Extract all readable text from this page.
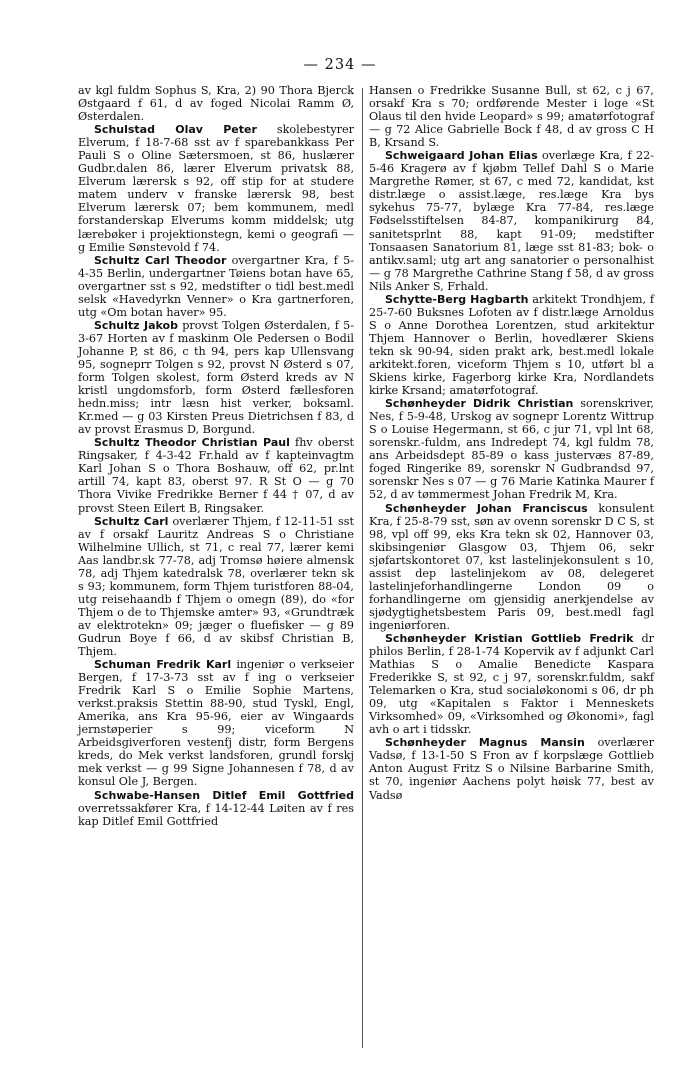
— 234 —

av kgl fuldm Sophus S, Kra, 2) 90 Thora Bjerck Østgaard f 61, d av foged Nicolai Ramm Ø, Østerdalen.

Schulstad Olav Peter skolebestyrer Elverum, f 18-7-68 sst av f sparebankkass Per Pauli S o Oline Sætersmoen, st 86, huslærer Gudbr.dalen 86, lærer Elverum privatsk 88, Elverum lærersk s 92, off stip for at studere matem underv v franske lærersk 98, best Elverum lærersk 07; bem kommunem, medl forstanderskap Elverums komm middelsk; utg lærebøker i projektionstegn, kemi o geografi — g Emilie Sønstevold f 74.

Schultz Carl Theodor overgartner Kra, f 5-4-35 Berlin, undergartner Tøiens botan have 65, overgartner sst s 92, medstifter o tidl best.medl selsk «Havedyrkn Venner» o Kra gartnerforen, utg «Om botan haver» 95.

Schultz Jakob provst Tolgen Østerdalen, f 5-3-67 Horten av f maskinm Ole Pedersen o Bodil Johanne P, st 86, c th 94, pers kap Ullensvang 95, sogneprr Tolgen s 92, provst N Østerd s 07, form Tolgen skolest, form Østerd kreds av N kristl ungdomsforb, form Østerd fællesforen hedn.miss; intr læsn hist verker, boksaml. Kr.med — g 03 Kirsten Preus Dietrichsen f 83, d av provst Erasmus D, Borgund.

Schultz Theodor Christian Paul fhv oberst Ringsaker, f 4-3-42 Fr.hald av f kapteinvagtm Karl Johan S o Thora Boshauw, off 62, pr.lnt artill 74, kapt 83, oberst 97. R St O — g 70 Thora Vivike Fredrikke Berner f 44 † 07, d av provst Steen Eilert B, Ringsaker.

Schultz Carl overlærer Thjem, f 12-11-51 sst av f orsakf Lauritz Andreas S o Christiane Wilhelmine Ullich, st 71, c real 77, lærer kemi Aas landbr.sk 77-78, adj Tromsø høiere almensk 78, adj Thjem katedralsk 78, overlærer tekn sk s 93; kommunem, form Thjem turistforen 88-04, utg reisehaandb f Thjem o omegn (89), do «for Thjem o de to Thjemske amter» 93, «Grundtræk av elektrotekn» 09; jæger o fluefisker — g 89 Gudrun Boye f 66, d av skibsf Christian B, Thjem.

Schuman Fredrik Karl ingeniør o verkseier Bergen, f 17-3-73 sst av f ing o verkseier Fredrik Karl S o Emilie Sophie Martens, verkst.praksis Stettin 88-90, stud Tyskl, Engl, Amerika, ans Kra 95-96, eier av Wingaards jernstøperier s 99; viceform N Arbeidsgiverforen vestenfj distr, form Bergens kreds, do Mek verkst landsforen, grundl forskj mek verkst — g 99 Signe Johannesen f 78, d av konsul Ole J, Bergen.

Schwabe-Hansen Ditlef Emil Gottfried overretssakfører Kra, f 14-12-44 Løiten av f res kap Ditlef Emil Gottfried

Hansen o Fredrikke Susanne Bull, st 62, c j 67, orsakf Kra s 70; ordførende Mester i loge «St Olaus til den hvide Leopard» s 99; amatørfotograf — g 72 Alice Gabrielle Bock f 48, d av gross C H B, Krsand S.

Schweigaard Johan Elias overlæge Kra, f 22-5-46 Kragerø av f kjøbm Tellef Dahl S o Marie Margrethe Rømer, st 67, c med 72, kandidat, kst distr.læge o assist.læge, res.læge Kra bys sykehus 75-77, bylæge Kra 77-84, res.læge Fødselsstiftelsen 84-87, kompanikirurg 84, sanitetsprlnt 88, kapt 91-09; medstifter Tonsaasen Sanatorium 81, læge sst 81-83; bok- o antikv.saml; utg art ang sanatorier o personalhist — g 78 Margrethe Cathrine Stang f 58, d av gross Nils Anker S, Frhald.

Schytte-Berg Hagbarth arkitekt Trondhjem, f 25-7-60 Buksnes Lofoten av f distr.læge Arnoldus S o Anne Dorothea Lorentzen, stud arkitektur Thjem Hannover o Berlin, hovedlærer Skiens tekn sk 90-94, siden prakt ark, best.medl lokale arkitekt.foren, viceform Thjem s 10, utført bl a Skiens kirke, Fagerborg kirke Kra, Nordlandets kirke Krsand; amatørfotograf.

Schønheyder Didrik Christian sorenskriver, Nes, f 5-9-48, Urskog av sognepr Lorentz Wittrup S o Louise Hegermann, st 66, c jur 71, vpl lnt 68, sorenskr.-fuldm, ans Indredept 74, kgl fuldm 78, ans Arbeidsdept 85-89 o kass justervæs 87-89, foged Ringerike 89, sorenskr N Gudbrandsd 97, sorenskr Nes s 07 — g 76 Marie Katinka Maurer f 52, d av tømmermest Johan Fredrik M, Kra.

Schønheyder Johan Franciscus konsulent Kra, f 25-8-79 sst, søn av ovenn sorenskr D C S, st 98, vpl off 99, eks Kra tekn sk 02, Hannover 03, skibsingeniør Glasgow 03, Thjem 06, sekr sjøfartskontoret 07, kst lastelinjekonsulent s 10, assist dep lastelinjekom av 08, delegeret lastelinjeforhandlingerne London 09 o forhandlingerne om gjensidig anerkjendelse av sjødygtighetsbestem Paris 09, best.medl fagl ingeniørforen.

Schønheyder Kristian Gottlieb Fredrik dr philos Berlin, f 28-1-74 Kopervik av f adjunkt Carl Mathias S o Amalie Benedicte Kaspara Frederikke S, st 92, c j 97, sorenskr.fuldm, sakf Telemarken o Kra, stud socialøkonomi s 06, dr ph 09, utg «Kapitalen s Faktor i Menneskets Virksomhed» 09, «Virksomhed og Økonomi», fagl avh o art i tidsskr.

Schønheyder Magnus Mansin overlærer Vadsø, f 13-1-50 S Fron av f korpslæge Gottlieb Anton August Fritz S o Nilsine Barbarine Smith, st 70, ingeniør Aachens polyt høisk 77, best av Vadsø
